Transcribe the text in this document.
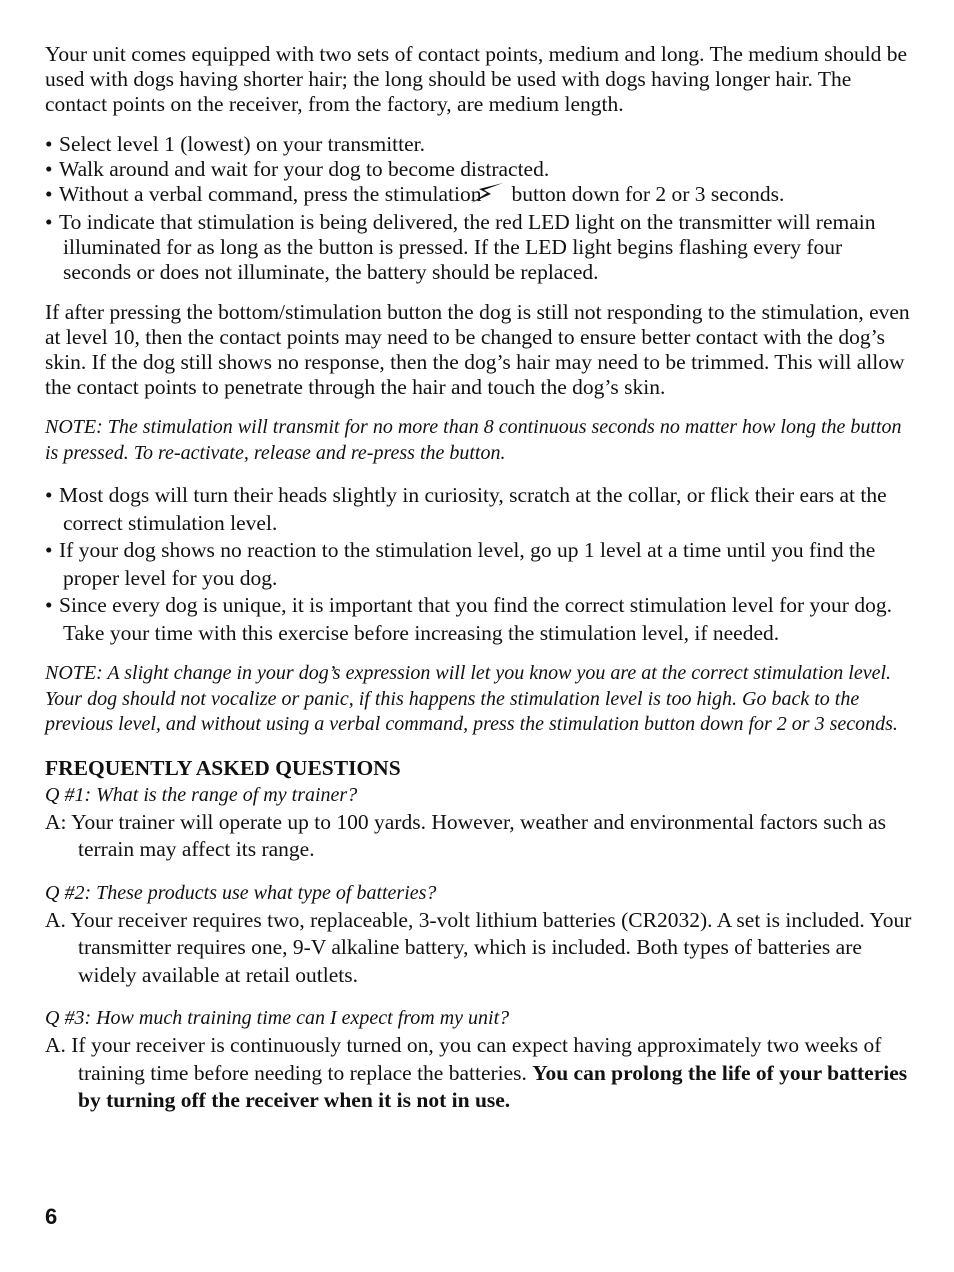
Your unit comes equipped with two sets of contact points, medium and long. The medium should be used with dogs having shorter hair; the long should be used with dogs having longer hair. The contact points on the receiver, from the factory, are medium length.

• Select level 1 (lowest) on your transmitter.
• Walk around and wait for your dog to become distracted.
• Without a verbal command, press the stimulation button down for 2 or 3 seconds.
• To indicate that stimulation is being delivered, the red LED light on the transmitter will remain illuminated for as long as the button is pressed. If the LED light begins flashing every four seconds or does not illuminate, the battery should be replaced.

If after pressing the bottom/stimulation button the dog is still not responding to the stimulation, even at level 10, then the contact points may need to be changed to ensure better contact with the dog’s skin. If the dog still shows no response, then the dog’s hair may need to be trimmed. This will allow the contact points to penetrate through the hair and touch the dog’s skin.

NOTE: The stimulation will transmit for no more than 8 continuous seconds no matter how long the button is pressed. To re-activate, release and re-press the button.

• Most dogs will turn their heads slightly in curiosity, scratch at the collar, or flick their ears at the correct stimulation level.
• If your dog shows no reaction to the stimulation level, go up 1 level at a time until you find the proper level for you dog.
• Since every dog is unique, it is important that you find the correct stimulation level for your dog. Take your time with this exercise before increasing the stimulation level, if needed.

NOTE: A slight change in your dog’s expression will let you know you are at the correct stimulation level. Your dog should not vocalize or panic, if this happens the stimulation level is too high. Go back to the previous level, and without using a verbal command, press the stimulation button down for 2 or 3 seconds.

FREQUENTLY ASKED QUESTIONS

Q #1: What is the range of my trainer?

A: Your trainer will operate up to 100 yards. However, weather and environmental factors such as terrain may affect its range.

Q #2: These products use what type of batteries?

A. Your receiver requires two, replaceable, 3-volt lithium batteries (CR2032). A set is included. Your transmitter requires one, 9-V alkaline battery, which is included. Both types of batteries are widely available at retail outlets.

Q #3: How much training time can I expect from my unit?

A. If your receiver is continuously turned on, you can expect having approximately two weeks of training time before needing to replace the batteries. You can prolong the life of your batteries by turning off the receiver when it is not in use.

6
